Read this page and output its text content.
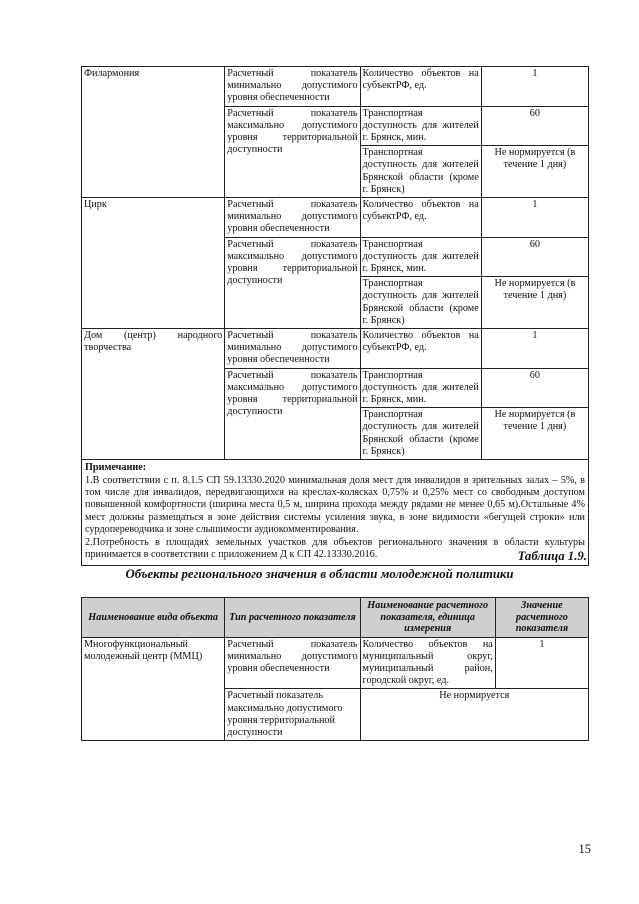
Филармония	Расчетный показатель минимально допустимого уровня обеспеченности	Количество объектов на субъектРФ, ед.	1
	Расчетный показатель максимально допустимого уровня территориальной доступности	Транспортная доступность для жителей г. Брянск, мин.	60
		Транспортная доступность для жителей Брянской области (кроме г. Брянск)	Не нормируется (в течение 1 дня)
Цирк	Расчетный показатель минимально допустимого уровня обеспеченности	Количество объектов на субъектРФ, ед.	1
	Расчетный показатель максимально допустимого уровня территориальной доступности	Транспортная доступность для жителей г. Брянск, мин.	60
		Транспортная доступность для жителей Брянской области (кроме г. Брянск)	Не нормируется (в течение 1 дня)
Дом (центр) народного творчества	Расчетный показатель минимально допустимого уровня обеспеченности	Количество объектов на субъектРФ, ед.	1
	Расчетный показатель максимально допустимого уровня территориальной доступности	Транспортная доступность для жителей г. Брянск, мин.	60
		Транспортная доступность для жителей Брянской области (кроме г. Брянск)	Не нормируется (в течение 1 дня)

Примечание:
1.В соответствии с п. 8.1.5 СП 59.13330.2020 минимальная доля мест для инвалидов в зрительных залах – 5%, в том числе для инвалидов, передвигающихся на креслах-колясках 0,75% и 0,25% мест со свободным доступом повышенной комфортности (ширина места 0,5 м, ширина прохода между рядами не менее 0,65 м).Остальные 4% мест должны размещаться в зоне действия системы усиления звука, в зоне видимости «бегущей строки» или сурдопереводчика и зоне слышимости аудиокомментирования.
2.Потребность в площадях земельных участков для объектов регионального значения в области культуры принимается в соответствии с приложением Д к СП 42.13330.2016.				Таблица 1.9.
Объекты регионального значения в области молодежной политики
Наименование вида объекта	Тип расчетного показателя	Наименование расчетного показателя, единица измерения	Значение расчетного показателя
Многофункциональный молодежный центр (ММЦ)	Расчетный показатель минимально допустимого уровня обеспеченности	Количество объектов на муниципальный округ, муниципальный район, городской округ, ед.	1
	Расчетный показатель максимально допустимого уровня территориальной доступности	Не нормируется	
15
